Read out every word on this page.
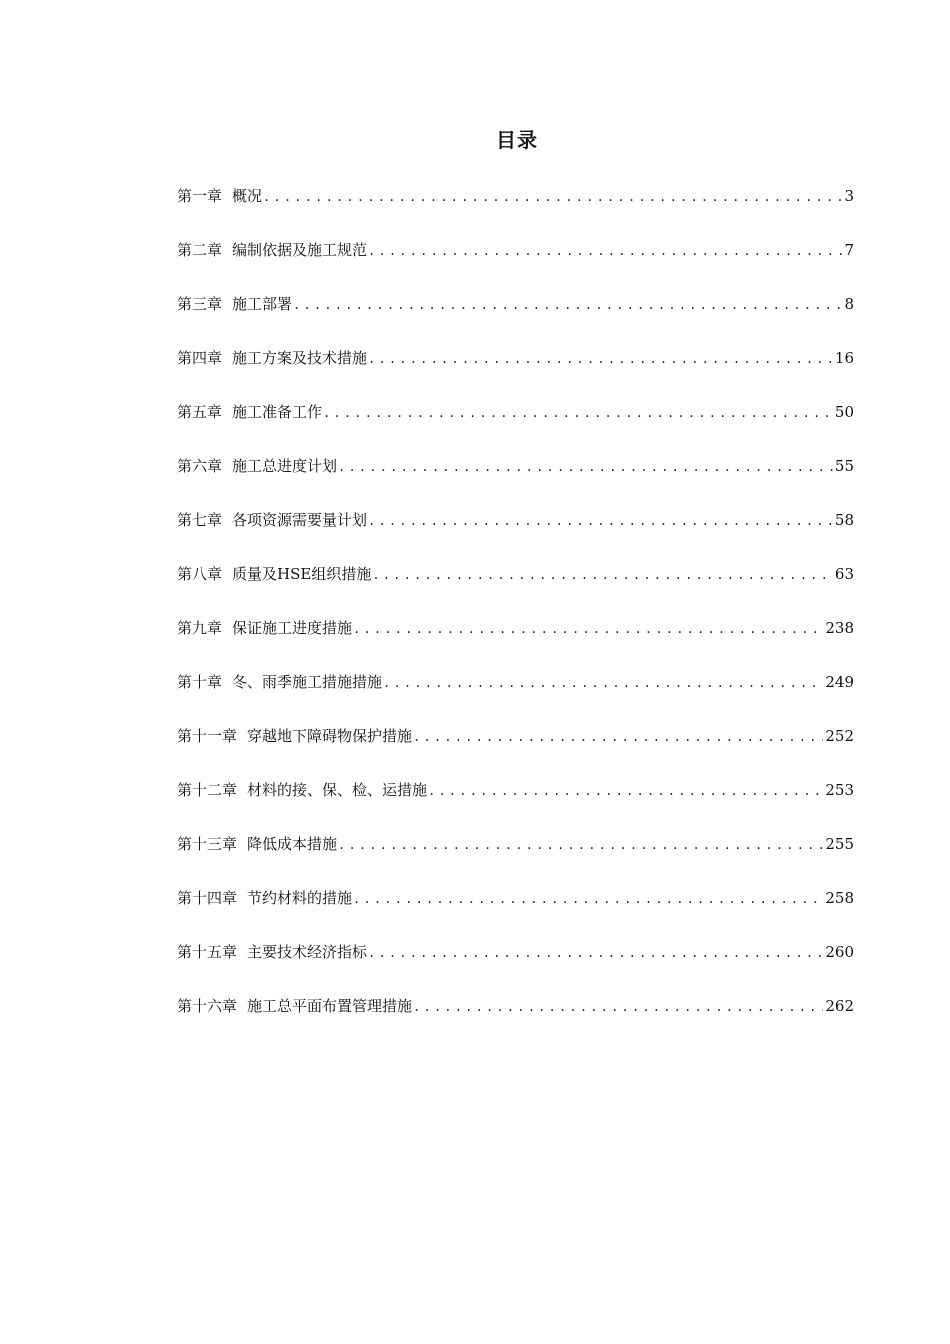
目录
第一章 概况 .....	3
第二章 编制依据及施工规范 .....	7
第三章 施工部署 .....	8
第四章 施工方案及技术措施 .....	16
第五章 施工准备工作 .....	50
第六章 施工总进度计划 .....	55
第七章 各项资源需要量计划 .....	58
第八章 质量及HSE组织措施 .....	63
第九章 保证施工进度措施 .....	238
第十章 冬、雨季施工措施措施 .....	249
第十一章 穿越地下障碍物保护措施 .....	252
第十二章 材料的接、保、检、运措施 .....	253
第十三章 降低成本措施 .....	255
第十四章 节约材料的措施 .....	258
第十五章 主要技术经济指标 .....	260
第十六章 施工总平面布置管理措施 .....	262
